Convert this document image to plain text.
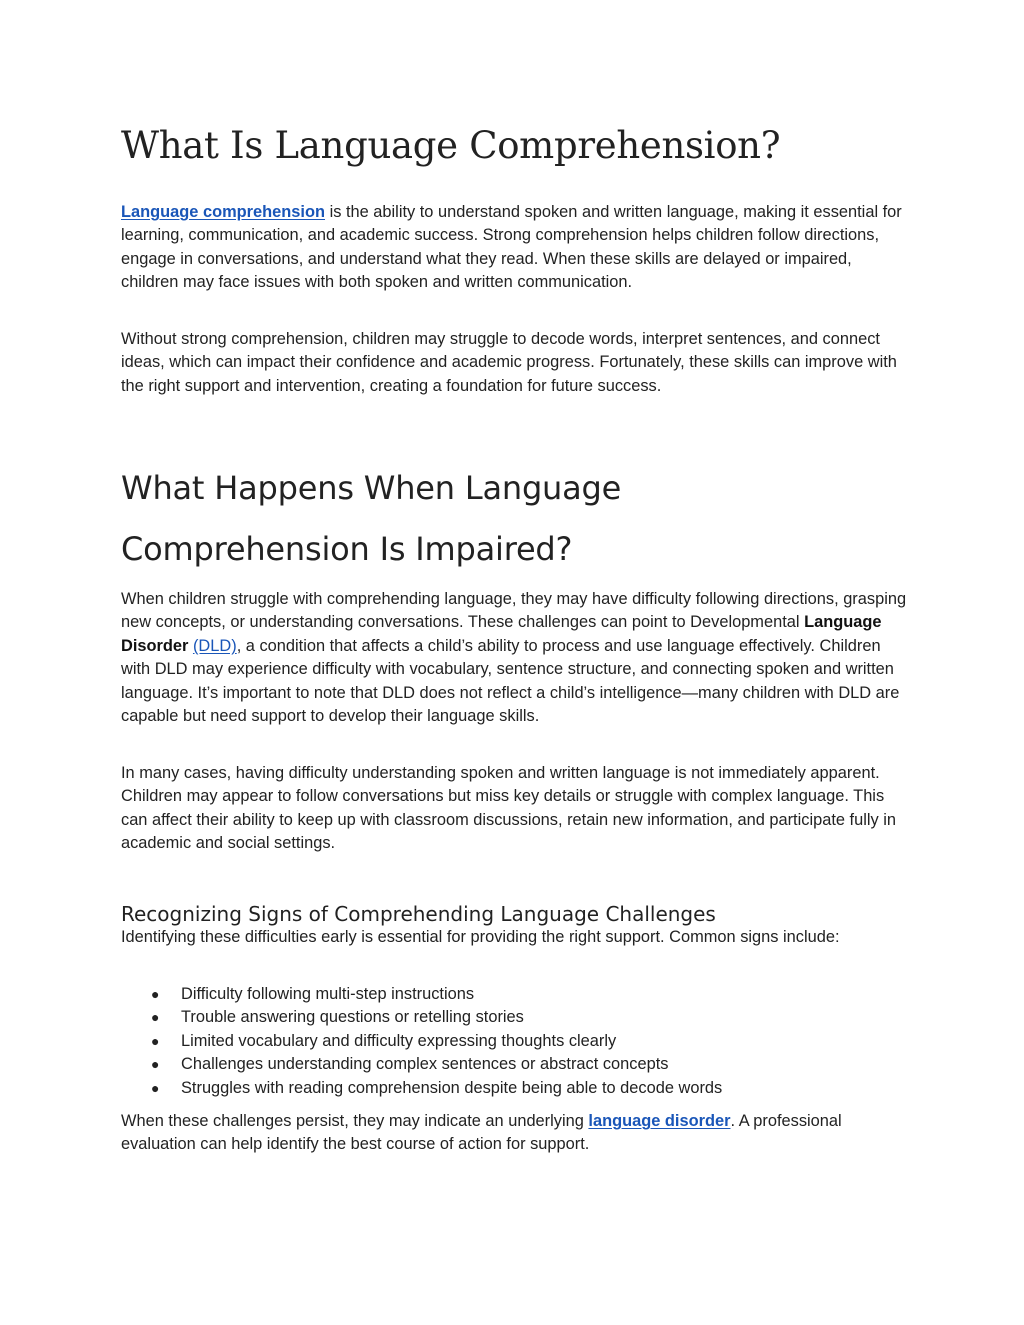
What Is Language Comprehension?

Language comprehension is the ability to understand spoken and written language, making it essential for learning, communication, and academic success. Strong comprehension helps children follow directions, engage in conversations, and understand what they read. When these skills are delayed or impaired, children may face issues with both spoken and written communication.

Without strong comprehension, children may struggle to decode words, interpret sentences, and connect ideas, which can impact their confidence and academic progress. Fortunately, these skills can improve with the right support and intervention, creating a foundation for future success.

What Happens When Language
Comprehension Is Impaired?

When children struggle with comprehending language, they may have difficulty following directions, grasping new concepts, or understanding conversations. These challenges can point to Developmental Language Disorder (DLD), a condition that affects a child’s ability to process and use language effectively. Children with DLD may experience difficulty with vocabulary, sentence structure, and connecting spoken and written language. It’s important to note that DLD does not reflect a child’s intelligence—many children with DLD are capable but need support to develop their language skills.

In many cases, having difficulty understanding spoken and written language is not immediately apparent. Children may appear to follow conversations but miss key details or struggle with complex language. This can affect their ability to keep up with classroom discussions, retain new information, and participate fully in academic and social settings.

Recognizing Signs of Comprehending Language Challenges

Identifying these difficulties early is essential for providing the right support. Common signs include:

● Difficulty following multi-step instructions
● Trouble answering questions or retelling stories
● Limited vocabulary and difficulty expressing thoughts clearly
● Challenges understanding complex sentences or abstract concepts
● Struggles with reading comprehension despite being able to decode words

When these challenges persist, they may indicate an underlying language disorder. A professional evaluation can help identify the best course of action for support.
